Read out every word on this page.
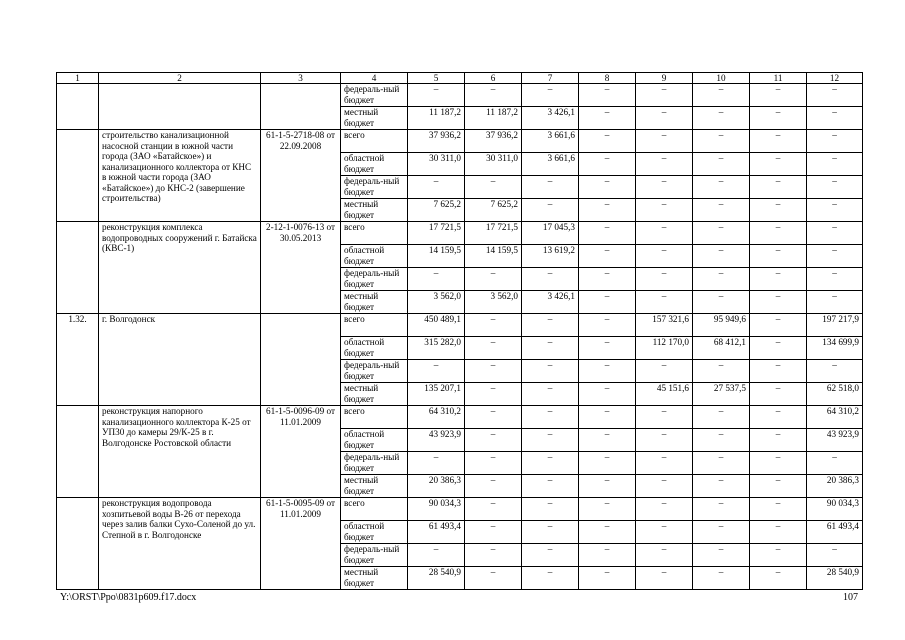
1	2	3	4	5	6	7	8	9	10	11	12
			федераль-ный бюджет	–	–	–	–	–	–	–	–
			местный бюджет	11 187,2	11 187,2	3 426,1	–	–	–	–	–
	строительство канализационной насосной станции в южной части города (ЗАО «Батайское») и канализационного коллектора от КНС в южной части города (ЗАО «Батайское») до КНС-2 (завершение строительства)	61-1-5-2718-08 от 22.09.2008	всего	37 936,2	37 936,2	3 661,6	–	–	–	–	–
			областной бюджет	30 311,0	30 311,0	3 661,6	–	–	–	–	–
			федераль-ный бюджет	–	–	–	–	–	–	–	–
			местный бюджет	7 625,2	7 625,2	–	–	–	–	–	–
	реконструкция комплекса водопроводных сооружений г. Батайска (КВС-1)	2-12-1-0076-13 от 30.05.2013	всего	17 721,5	17 721,5	17 045,3	–	–	–	–	–
			областной бюджет	14 159,5	14 159,5	13 619,2	–	–	–	–	–
			федераль-ный бюджет	–	–	–	–	–	–	–	–
			местный бюджет	3 562,0	3 562,0	3 426,1	–	–	–	–	–
1.32.	г. Волгодонск		всего	450 489,1	–	–	–	157 321,6	95 949,6	–	197 217,9
			областной бюджет	315 282,0	–	–	–	112 170,0	68 412,1	–	134 699,9
			федераль-ный бюджет	–	–	–	–	–	–	–	–
			местный бюджет	135 207,1	–	–	–	45 151,6	27 537,5	–	62 518,0
	реконструкция напорного канализационного коллектора К-25 от УП30 до камеры 29/К-25 в г. Волгодонске Ростовской области	61-1-5-0096-09 от 11.01.2009	всего	64 310,2	–	–	–	–	–	–	64 310,2
			областной бюджет	43 923,9	–	–	–	–	–	–	43 923,9
			федераль-ный бюджет	–	–	–	–	–	–	–	–
			местный бюджет	20 386,3	–	–	–	–	–	–	20 386,3
	реконструкция водопровода хозпитьевой воды В-26 от перехода через залив балки Сухо-Соленой до ул. Степной в г. Волгодонске	61-1-5-0095-09 от 11.01.2009	всего	90 034,3	–	–	–	–	–	–	90 034,3
			областной бюджет	61 493,4	–	–	–	–	–	–	61 493,4
			федераль-ный бюджет	–	–	–	–	–	–	–	–
			местный бюджет	28 540,9	–	–	–	–	–	–	28 540,9
Y:\ORST\Ppo\0831p609.f17.docx	107
